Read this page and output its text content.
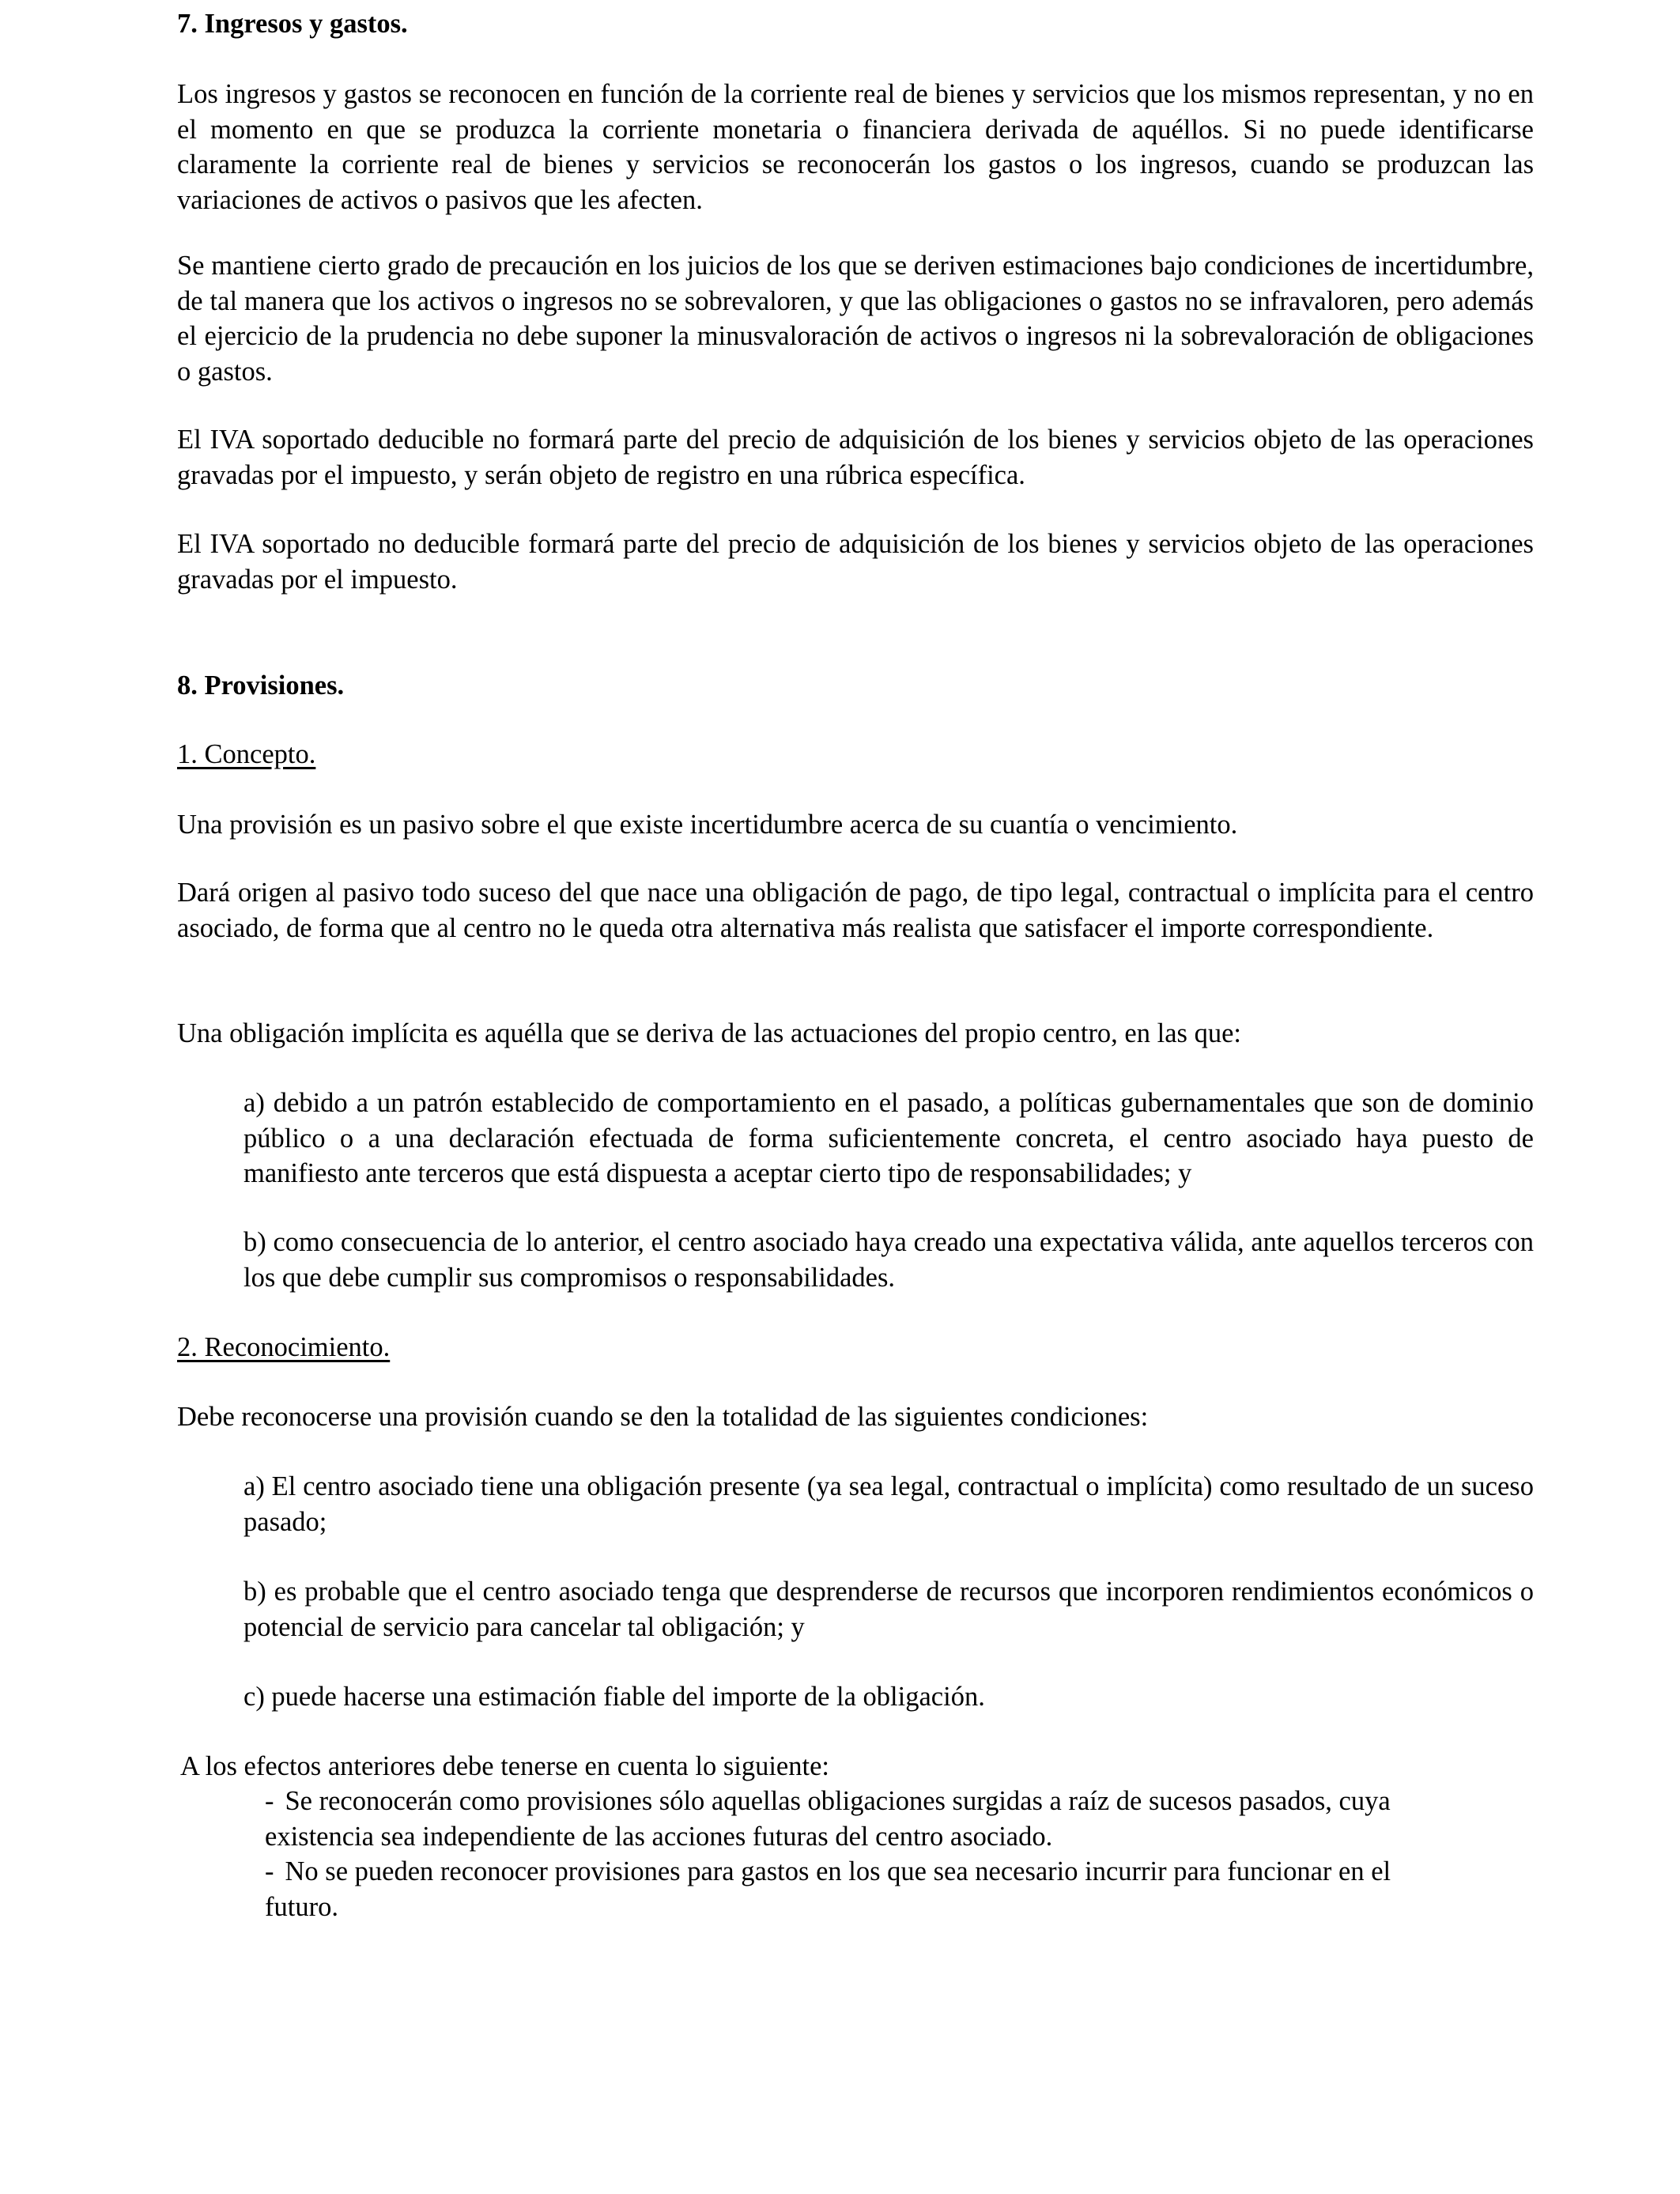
7. Ingresos y gastos.

Los ingresos y gastos se reconocen en función de la corriente real de bienes y servicios que los mismos representan, y no en el momento en que se produzca la corriente monetaria o financiera derivada de aquéllos. Si no puede identificarse claramente la corriente real de bienes y servicios se reconocerán los gastos o los ingresos, cuando se produzcan las variaciones de activos o pasivos que les afecten.

Se mantiene cierto grado de precaución en los juicios de los que se deriven estimaciones bajo condiciones de incertidumbre, de tal manera que los activos o ingresos no se sobrevaloren, y que las obligaciones o gastos no se infravaloren, pero además el ejercicio de la prudencia no debe suponer la minusvaloración de activos o ingresos ni la sobrevaloración de obligaciones o gastos.

El IVA soportado deducible no formará parte del precio de adquisición de los bienes y servicios objeto de las operaciones gravadas por el impuesto, y serán objeto de registro en una rúbrica específica.

El IVA soportado no deducible formará parte del precio de adquisición de los bienes y servicios objeto de las operaciones gravadas por el impuesto.

8. Provisiones.

1. Concepto.

Una provisión es un pasivo sobre el que existe incertidumbre acerca de su cuantía o vencimiento.

Dará origen al pasivo todo suceso del que nace una obligación de pago, de tipo legal, contractual o implícita para el centro asociado, de forma que al centro no le queda otra alternativa más realista que satisfacer el importe correspondiente.

Una obligación implícita es aquélla que se deriva de las actuaciones del propio centro, en las que:

a) debido a un patrón establecido de comportamiento en el pasado, a políticas gubernamentales que son de dominio público o a una declaración efectuada de forma suficientemente concreta, el centro asociado haya puesto de manifiesto ante terceros que está dispuesta a aceptar cierto tipo de responsabilidades; y

b) como consecuencia de lo anterior, el centro asociado haya creado una expectativa válida, ante aquellos terceros con los que debe cumplir sus compromisos o responsabilidades.

2. Reconocimiento.

Debe reconocerse una provisión cuando se den la totalidad de las siguientes condiciones:

a) El centro asociado tiene una obligación presente (ya sea legal, contractual o implícita) como resultado de un suceso pasado;

b) es probable que el centro asociado tenga que desprenderse de recursos que incorporen rendimientos económicos o potencial de servicio para cancelar tal obligación; y

c) puede hacerse una estimación fiable del importe de la obligación.

A los efectos anteriores debe tenerse en cuenta lo siguiente:

- Se reconocerán como provisiones sólo aquellas obligaciones surgidas a raíz de sucesos pasados, cuya
existencia sea independiente de las acciones futuras del centro asociado.
- No se pueden reconocer provisiones para gastos en los que sea necesario incurrir para funcionar en el
futuro.
